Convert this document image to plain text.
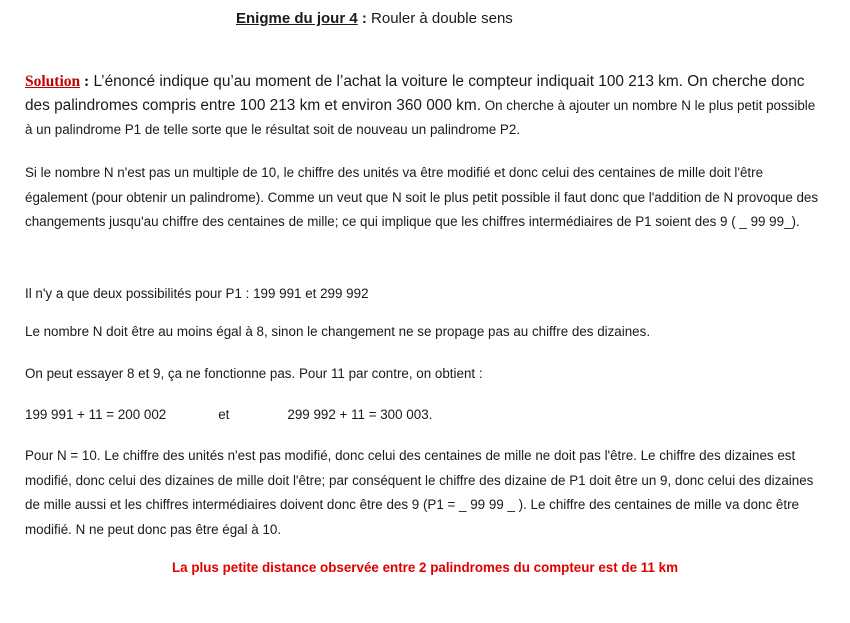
Enigme du jour 4 : Rouler à double sens

Solution : L’énoncé indique qu’au moment de l’achat la voiture le compteur indiquait 100 213 km. On cherche donc des palindromes compris entre 100 213 km et environ 360 000 km. On cherche à ajouter un nombre N le plus petit possible à un palindrome P1 de telle sorte que le résultat soit de nouveau un palindrome P2.

Si le nombre N n'est pas un multiple de 10, le chiffre des unités va être modifié et donc celui des centaines de mille doit l'être également (pour obtenir un palindrome). Comme un veut que N soit le plus petit possible il faut donc que l'addition de N provoque des changements jusqu'au chiffre des centaines de mille; ce qui implique que les chiffres intermédiaires de P1 soient des 9 ( _ 99 99_).

Il n'y a que deux possibilités pour P1 : 199 991 et 299 992

Le nombre N doit être au moins égal à 8, sinon le changement ne se propage pas au chiffre des dizaines.

On peut essayer 8 et 9, ça ne fonctionne pas. Pour 11 par contre, on obtient :

199 991 + 11 = 200 002	et	299 992 + 11 = 300 003.

Pour N = 10. Le chiffre des unités n'est pas modifié, donc celui des centaines de mille ne doit pas l'être. Le chiffre des dizaines est modifié, donc celui des dizaines de mille doit l'être; par conséquent le chiffre des dizaine de P1 doit être un 9, donc celui des dizaines de mille aussi et les chiffres intermédiaires doivent donc être des 9 (P1 = _ 99 99 _ ). Le chiffre des centaines de mille va donc être modifié. N ne peut donc pas être égal à 10.

La plus petite distance observée entre 2 palindromes du compteur est de 11 km
